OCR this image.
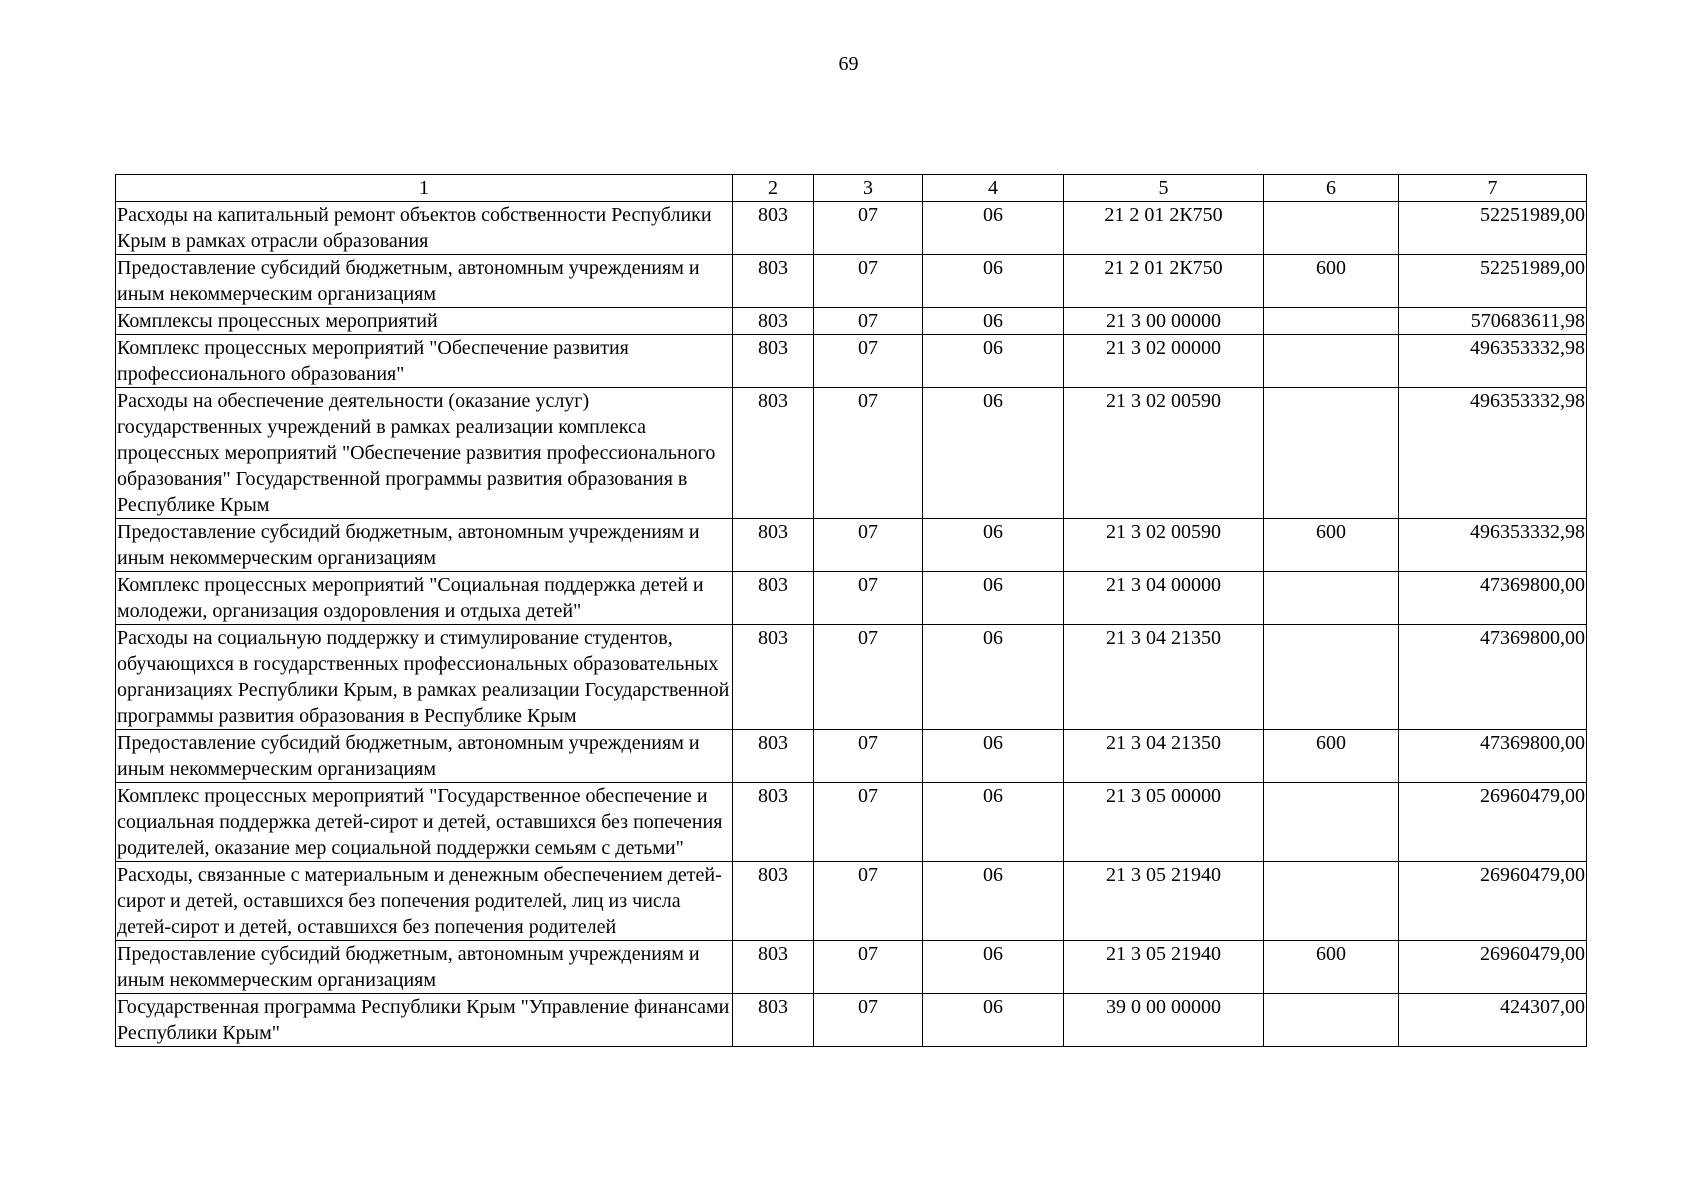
69
1	2	3	4	5	6	7
Расходы на капитальный ремонт объектов собственности Республики Крым в рамках отрасли образования	803	07	06	21 2 01 2К750		52251989,00
Предоставление субсидий бюджетным, автономным учреждениям и иным некоммерческим организациям	803	07	06	21 2 01 2К750	600	52251989,00
Комплексы процессных мероприятий	803	07	06	21 3 00 00000		570683611,98
Комплекс процессных мероприятий "Обеспечение развития профессионального образования"	803	07	06	21 3 02 00000		496353332,98
Расходы на обеспечение деятельности (оказание услуг) государственных учреждений в рамках реализации комплекса процессных мероприятий "Обеспечение развития профессионального образования" Государственной программы развития образования в Республике Крым	803	07	06	21 3 02 00590		496353332,98
Предоставление субсидий бюджетным, автономным учреждениям и иным некоммерческим организациям	803	07	06	21 3 02 00590	600	496353332,98
Комплекс процессных мероприятий "Социальная поддержка детей и молодежи, организация оздоровления и отдыха детей"	803	07	06	21 3 04 00000		47369800,00
Расходы на социальную поддержку и стимулирование студентов, обучающихся в государственных профессиональных образовательных организациях Республики Крым, в рамках реализации Государственной программы развития образования в Республике Крым	803	07	06	21 3 04 21350		47369800,00
Предоставление субсидий бюджетным, автономным учреждениям и иным некоммерческим организациям	803	07	06	21 3 04 21350	600	47369800,00
Комплекс процессных мероприятий "Государственное обеспечение и социальная поддержка детей-сирот и детей, оставшихся без попечения родителей, оказание мер социальной поддержки семьям с детьми"	803	07	06	21 3 05 00000		26960479,00
Расходы, связанные с материальным и денежным обеспечением детей-сирот и детей, оставшихся без попечения родителей, лиц из числа детей-сирот и детей, оставшихся без попечения родителей	803	07	06	21 3 05 21940		26960479,00
Предоставление субсидий бюджетным, автономным учреждениям и иным некоммерческим организациям	803	07	06	21 3 05 21940	600	26960479,00
Государственная программа Республики Крым "Управление финансами Республики Крым"	803	07	06	39 0 00 00000		424307,00
